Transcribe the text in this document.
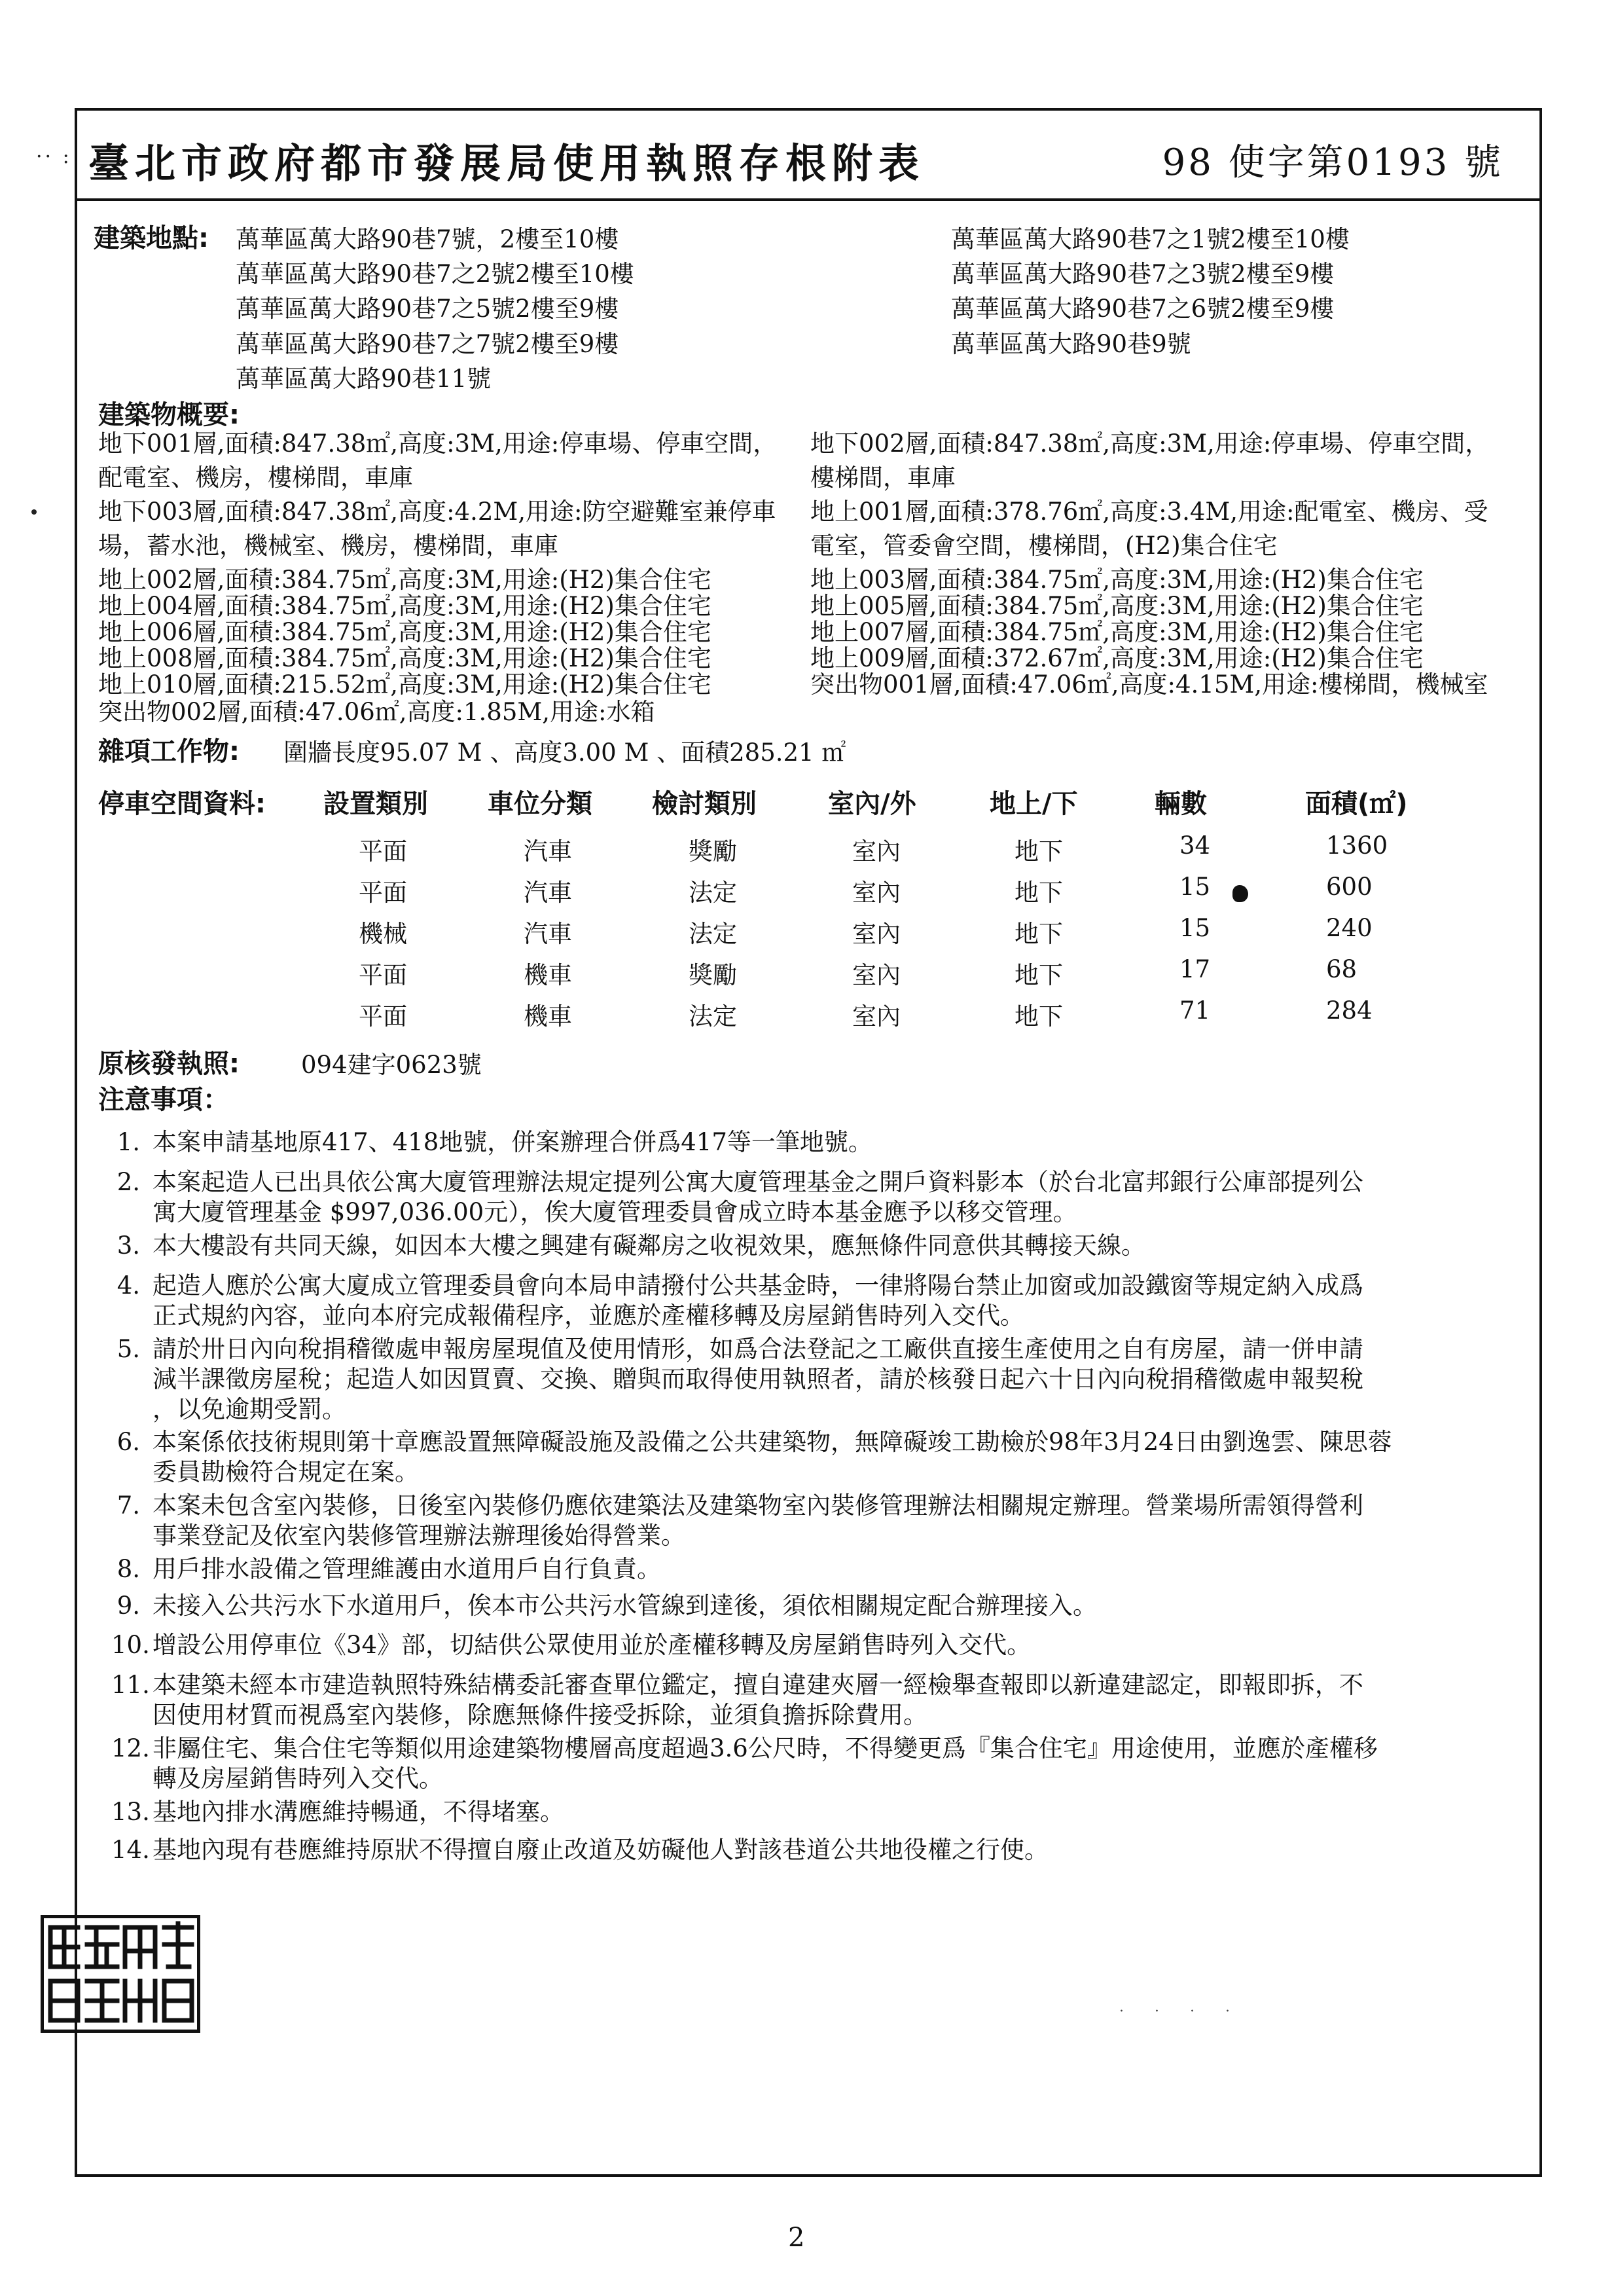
·· : 臺北市政府都市發展局使用執照存根附表	98 使字第0193 號
建築地點: 萬華區萬大路90巷7號，2樓至10樓
萬華區萬大路90巷7之2號2樓至10樓
萬華區萬大路90巷7之5號2樓至9樓
萬華區萬大路90巷7之7號2樓至9樓
萬華區萬大路90巷11號
萬華區萬大路90巷7之1號2樓至10樓
萬華區萬大路90巷7之3號2樓至9樓
萬華區萬大路90巷7之6號2樓至9樓
萬華區萬大路90巷9號
建築物概要:
地下001層,面積:847.38㎡,高度:3M,用途:停車場、停車空間，
配電室、機房，樓梯間，車庫
地下003層,面積:847.38㎡,高度:4.2M,用途:防空避難室兼停車
場，蓄水池，機械室、機房，樓梯間，車庫
地上002層,面積:384.75㎡,高度:3M,用途:(H2)集合住宅
地上004層,面積:384.75㎡,高度:3M,用途:(H2)集合住宅
地上006層,面積:384.75㎡,高度:3M,用途:(H2)集合住宅
地上008層,面積:384.75㎡,高度:3M,用途:(H2)集合住宅
地上010層,面積:215.52㎡,高度:3M,用途:(H2)集合住宅
突出物002層,面積:47.06㎡,高度:1.85M,用途:水箱
地下002層,面積:847.38㎡,高度:3M,用途:停車場、停車空間，
樓梯間，車庫
地上001層,面積:378.76㎡,高度:3.4M,用途:配電室、機房、受
電室，管委會空間，樓梯間，(H2)集合住宅
地上003層,面積:384.75㎡,高度:3M,用途:(H2)集合住宅
地上005層,面積:384.75㎡,高度:3M,用途:(H2)集合住宅
地上007層,面積:384.75㎡,高度:3M,用途:(H2)集合住宅
地上009層,面積:372.67㎡,高度:3M,用途:(H2)集合住宅
突出物001層,面積:47.06㎡,高度:4.15M,用途:樓梯間，機械室
雜項工作物: 圍牆長度95.07 M 、高度3.00 M 、面積285.21 ㎡
停車空間資料: 設置類別 車位分類 檢討類別	室內/外	地上/下	輛數	面積(㎡)
平面	汽車	獎勵	室內	地下	34	1360
平面	汽車	法定	室內	地下	15	600
機械	汽車	法定	室內	地下	15	240
平面	機車	獎勵	室內	地下	17	68
平面	機車	法定	室內	地下	71	284
原核發執照:	094建字0623號
注意事項：
1. 本案申請基地原417、418地號，併案辦理合併爲417等一筆地號。
2. 本案起造人已出具依公寓大廈管理辦法規定提列公寓大廈管理基金之開戶資料影本（於台北富邦銀行公庫部提列公
寓大廈管理基金 $997,036.00元），俟大廈管理委員會成立時本基金應予以移交管理。
3. 本大樓設有共同天線，如因本大樓之興建有礙鄰房之收視效果，應無條件同意供其轉接天線。
4. 起造人應於公寓大廈成立管理委員會向本局申請撥付公共基金時，一律將陽台禁止加窗或加設鐵窗等規定納入成爲
正式規約內容，並向本府完成報備程序，並應於產權移轉及房屋銷售時列入交代。
5. 請於卅日內向稅捐稽徵處申報房屋現值及使用情形，如爲合法登記之工廠供直接生產使用之自有房屋，請一併申請
減半課徵房屋稅；起造人如因買賣、交換、贈與而取得使用執照者，請於核發日起六十日內向稅捐稽徵處申報契稅
，以免逾期受罰。
6. 本案係依技術規則第十章應設置無障礙設施及設備之公共建築物，無障礙竣工勘檢於98年3月24日由劉逸雲、陳思蓉
委員勘檢符合規定在案。
7. 本案未包含室內裝修，日後室內裝修仍應依建築法及建築物室內裝修管理辦法相關規定辦理。營業場所需領得營利
事業登記及依室內裝修管理辦法辦理後始得營業。
8. 用戶排水設備之管理維護由水道用戶自行負責。
9. 未接入公共污水下水道用戶，俟本市公共污水管線到達後，須依相關規定配合辦理接入。
10. 增設公用停車位《34》部，切結供公眾使用並於產權移轉及房屋銷售時列入交代。
11. 本建築未經本市建造執照特殊結構委託審查單位鑑定，擅自違建夾層一經檢舉查報即以新違建認定，即報即拆，不
因使用材質而視爲室內裝修，除應無條件接受拆除，並須負擔拆除費用。
12. 非屬住宅、集合住宅等類似用途建築物樓層高度超過3.6公尺時，不得變更爲『集合住宅』用途使用，並應於產權移
轉及房屋銷售時列入交代。
13. 基地內排水溝應維持暢通，不得堵塞。
14. 基地內現有巷應維持原狀不得擅自廢止改道及妨礙他人對該巷道公共地役權之行使。
· · · ·
2
